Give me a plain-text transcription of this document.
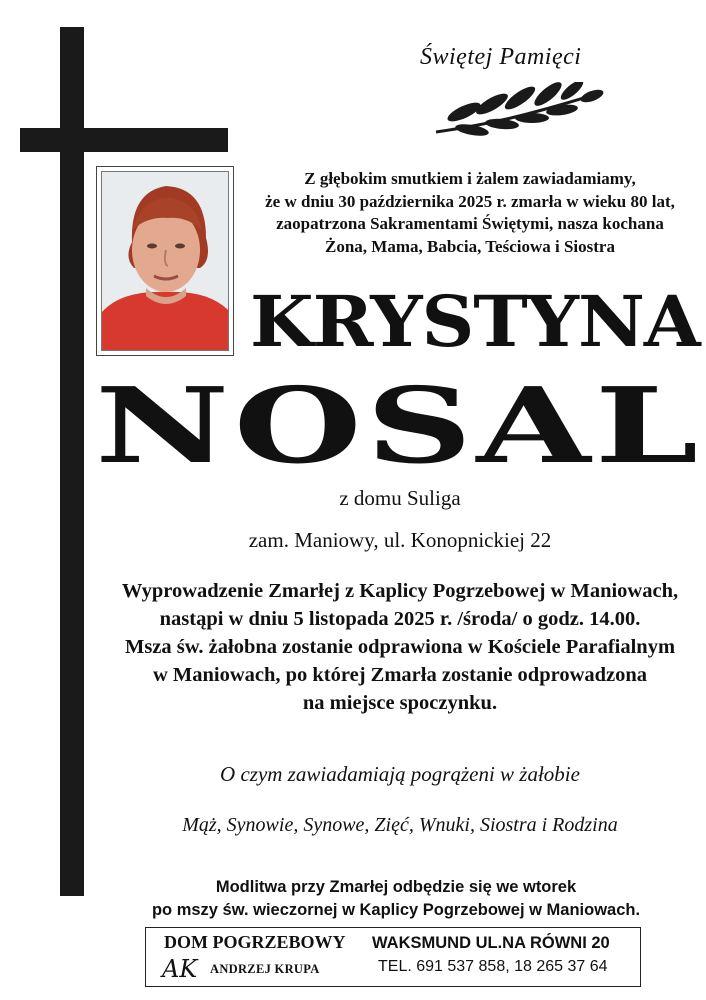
Świętej Pamięci
Z głębokim smutkiem i żalem zawiadamiamy,
że w dniu 30 października 2025 r. zmarła w wieku 80 lat,
zaopatrzona Sakramentami Świętymi, nasza kochana
Żona, Mama, Babcia, Teściowa i Siostra
KRYSTYNA
NOSAL
z domu Suliga
zam. Maniowy, ul. Konopnickiej 22
Wyprowadzenie Zmarłej z Kaplicy Pogrzebowej w Maniowach,
nastąpi w dniu 5 listopada 2025 r. /środa/ o godz. 14.00.
Msza św. żałobna zostanie odprawiona w Kościele Parafialnym
w Maniowach, po której Zmarła zostanie odprowadzona
na miejsce spoczynku.
O czym zawiadamiają pogrążeni w żałobie
Mąż, Synowie, Synowe, Zięć, Wnuki, Siostra i Rodzina
Modlitwa przy Zmarłej odbędzie się we wtorek
po mszy św. wieczornej w Kaplicy Pogrzebowej w Maniowach.
DOM POGRZEBOWY
AK ANDRZEJ KRUPA
WAKSMUND UL.NA RÓWNI 20
TEL. 691 537 858, 18 265 37 64
